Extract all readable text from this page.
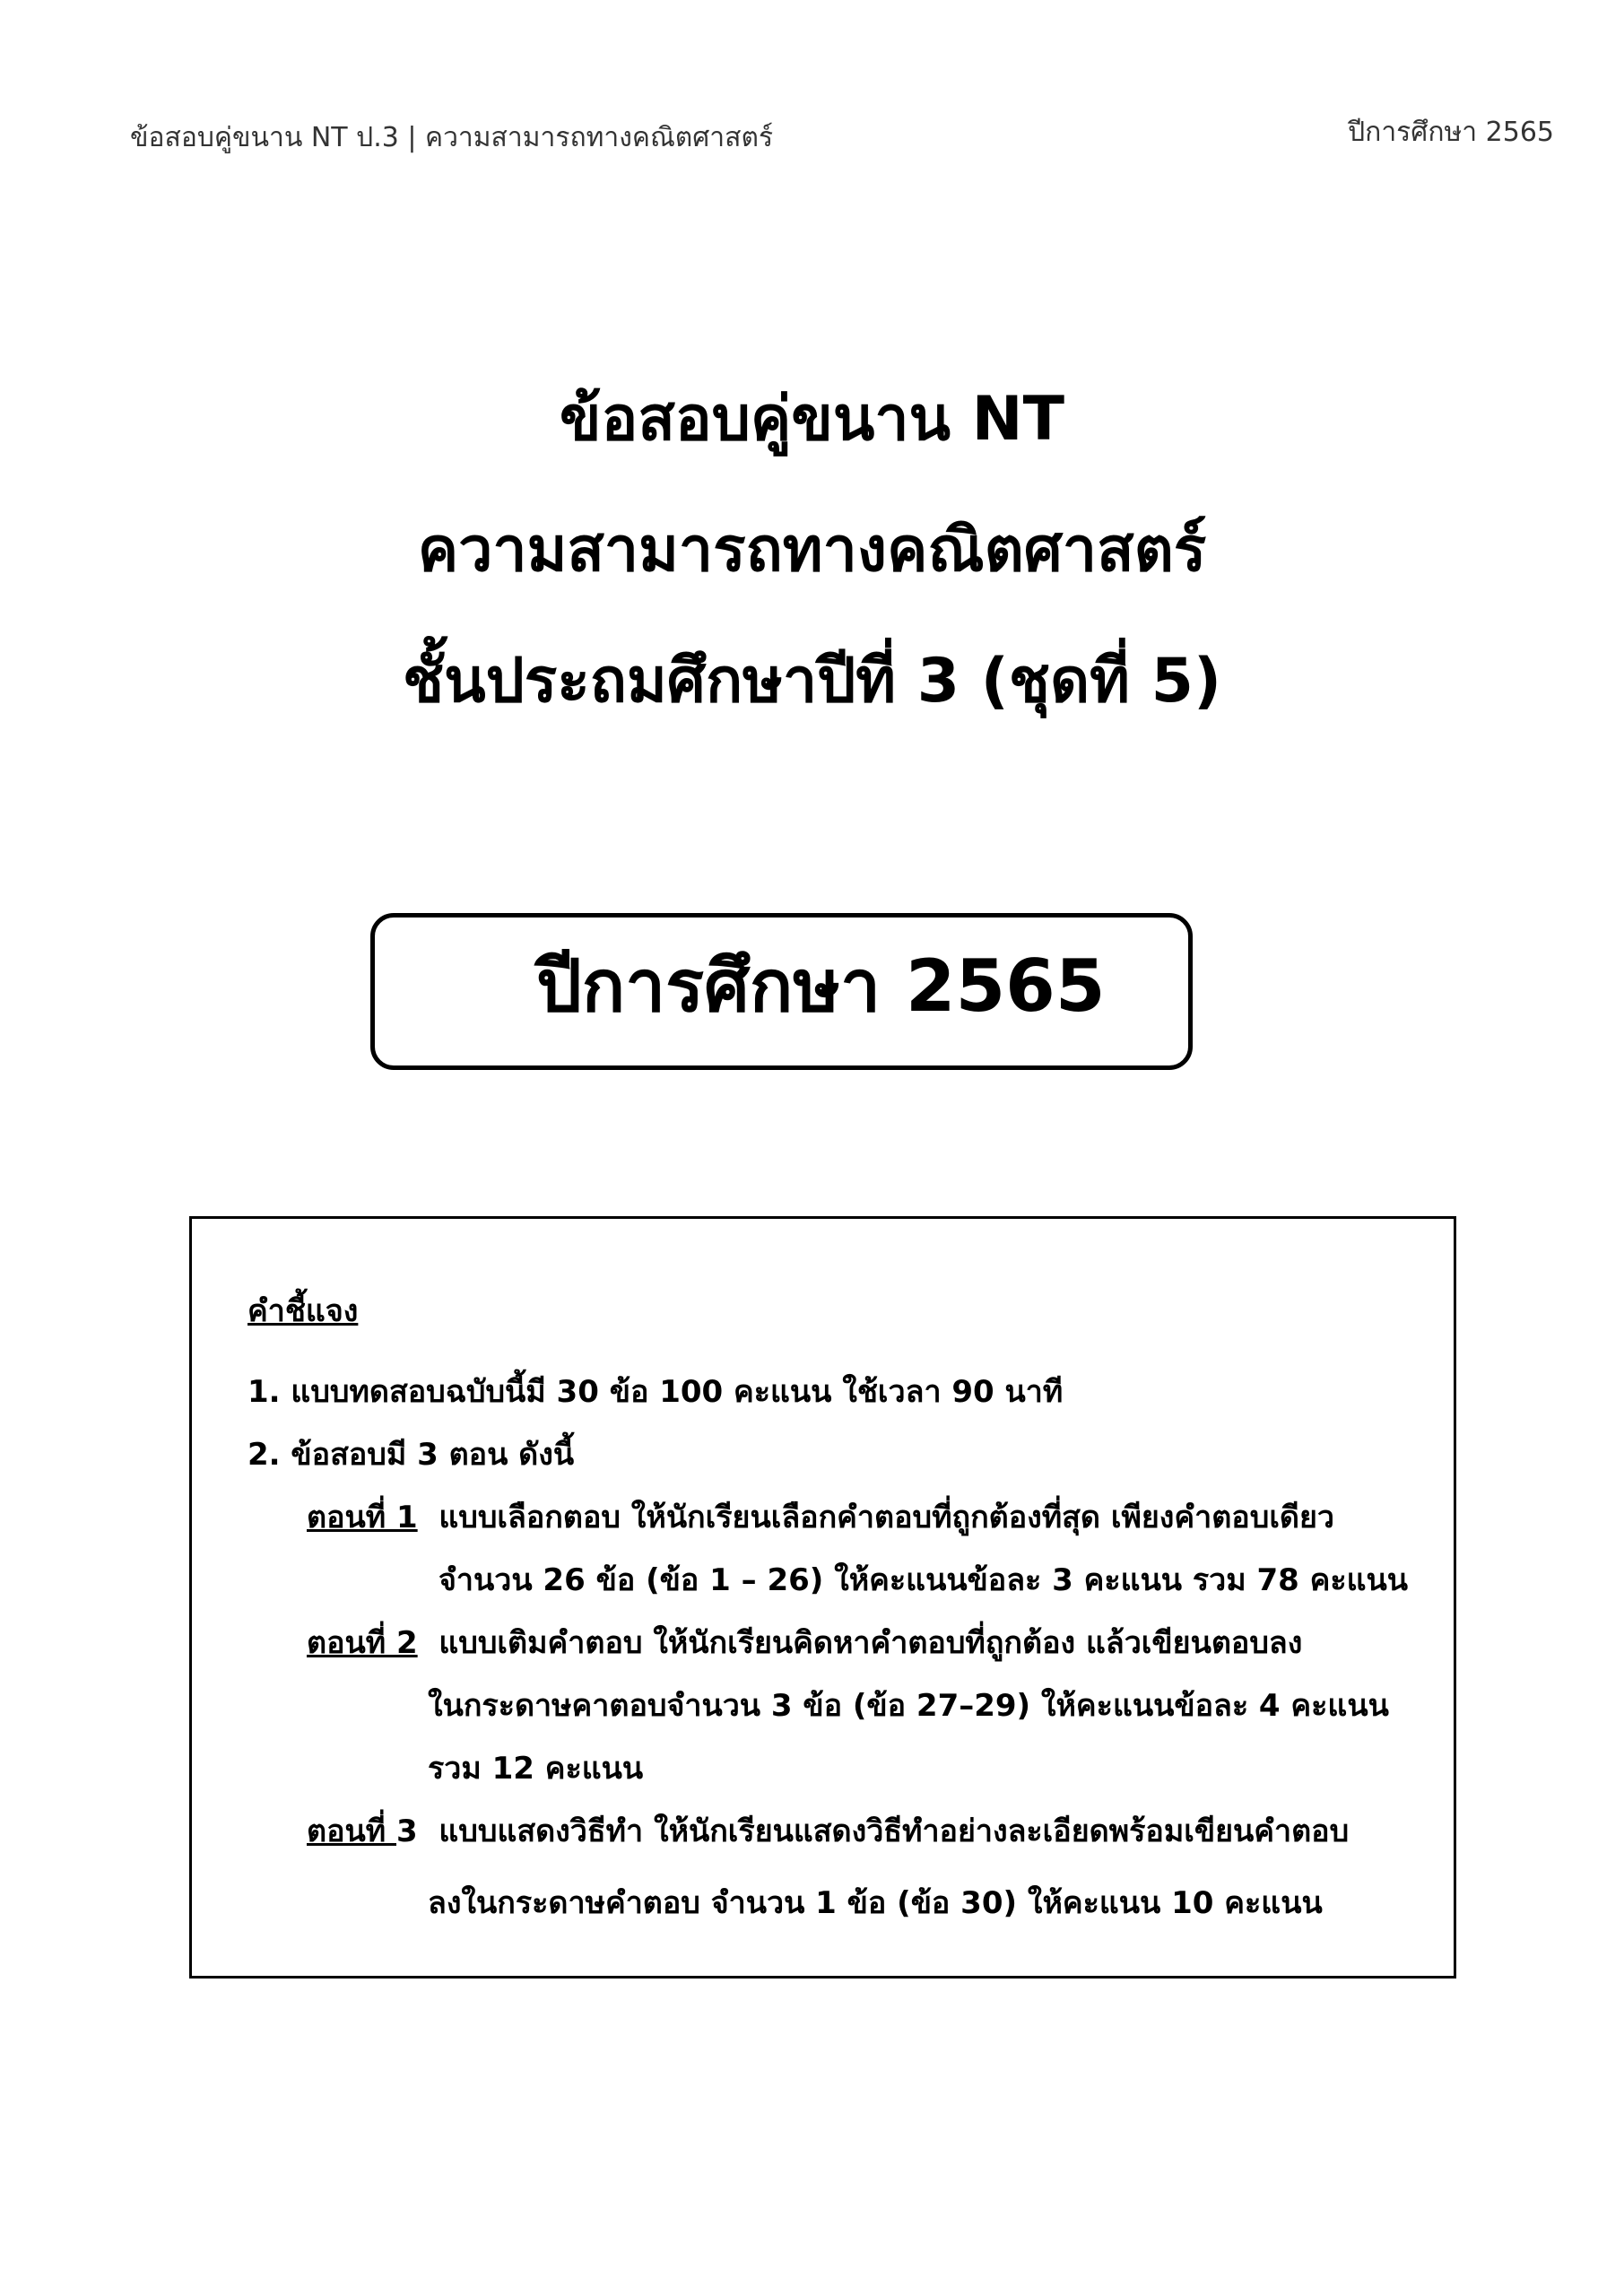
ข้อสอบคู่ขนาน NT ป.3 | ความสามารถทางคณิตศาสตร์	ปีการศึกษา 2565
ข้อสอบคู่ขนาน NT
ความสามารถทางคณิตศาสตร์
ชั้นประถมศึกษาปีที่ 3 (ชุดที่ 5)
ปีการศึกษา 2565
คำชี้แจง
1. แบบทดสอบฉบับนี้มี 30 ข้อ 100 คะแนน ใช้เวลา 90 นาที
2. ข้อสอบมี 3 ตอน ดังนี้
ตอนที่ 1 แบบเลือกตอบ ให้นักเรียนเลือกคำตอบที่ถูกต้องที่สุด เพียงคำตอบเดียว
จำนวน 26 ข้อ (ข้อ 1 – 26) ให้คะแนนข้อละ 3 คะแนน รวม 78 คะแนน
ตอนที่ 2 แบบเติมคำตอบ ให้นักเรียนคิดหาคำตอบที่ถูกต้อง แล้วเขียนตอบลง
ในกระดาษคาตอบจำนวน 3 ข้อ (ข้อ 27–29) ให้คะแนนข้อละ 4 คะแนน
รวม 12 คะแนน
ตอนที่ 3 แบบแสดงวิธีทำ ให้นักเรียนแสดงวิธีทำอย่างละเอียดพร้อมเขียนคำตอบ
ลงในกระดาษคำตอบ จำนวน 1 ข้อ (ข้อ 30) ให้คะแนน 10 คะแนน
